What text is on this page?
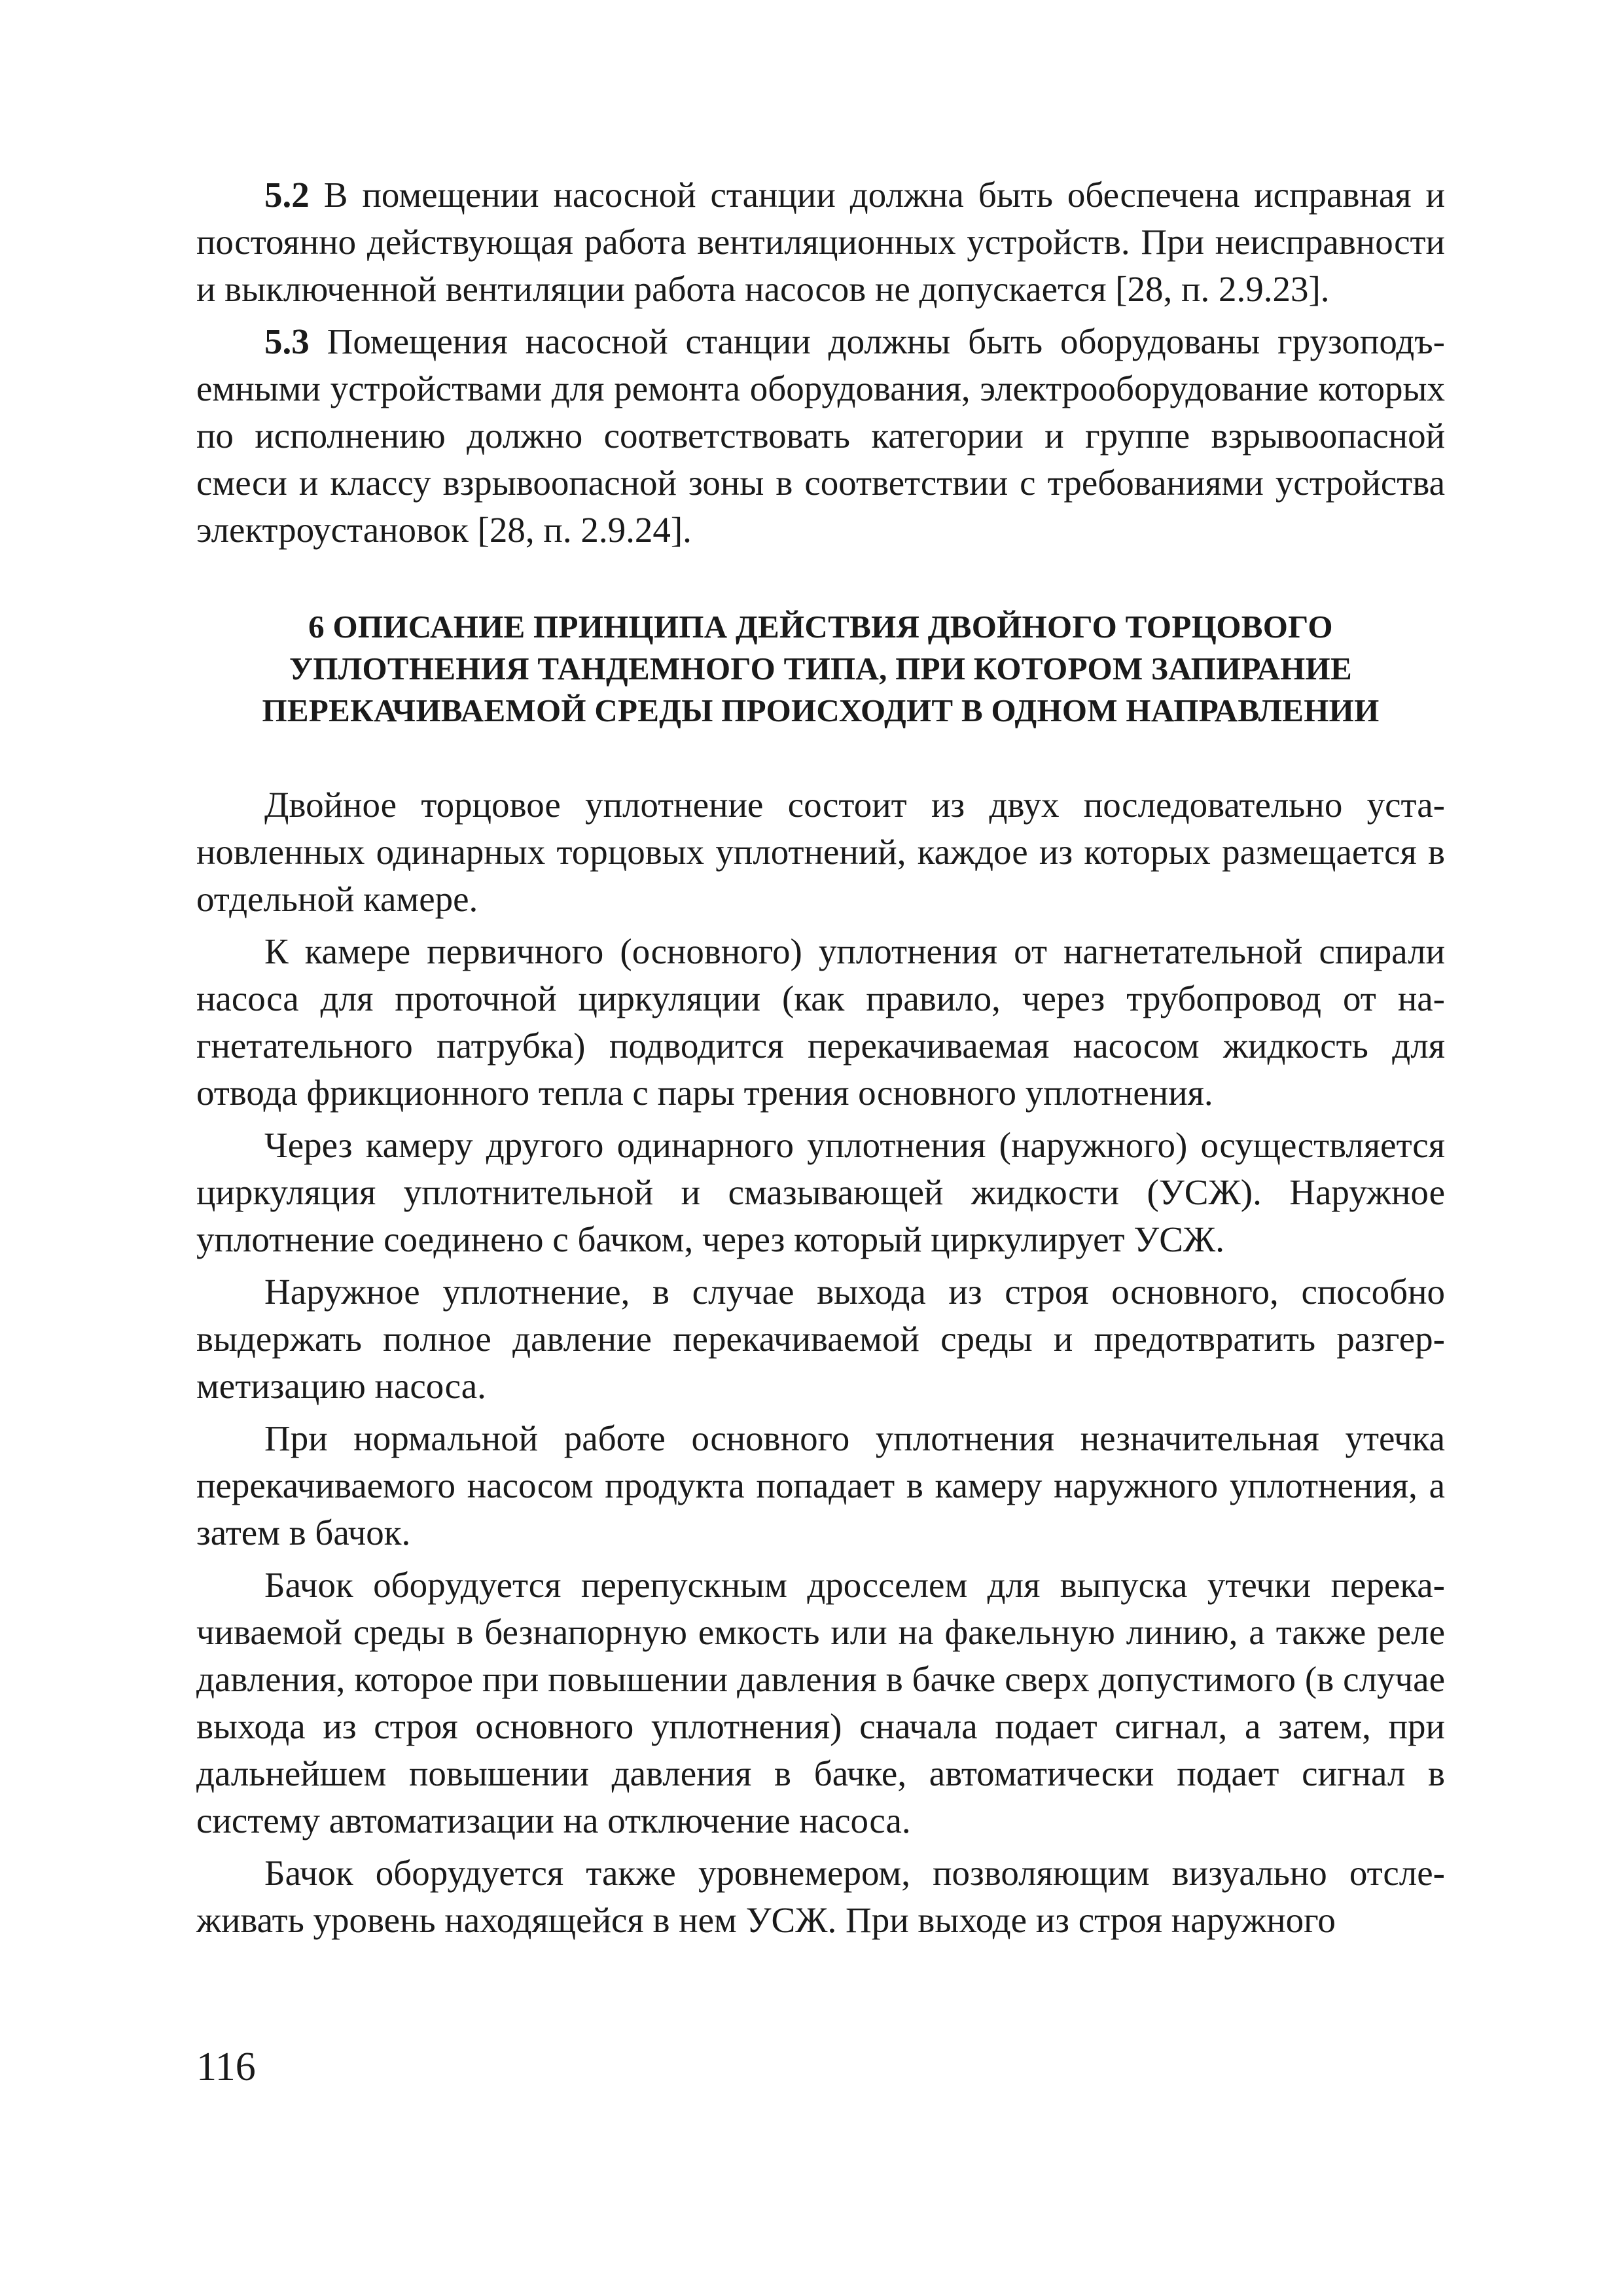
5.2 В помещении насосной станции должна быть обеспечена исправная и постоянно действующая работа вентиляционных устройств. При неисправности и выключенной вентиляции работа насосов не допускается [28, п. 2.9.23].

5.3 Помещения насосной станции должны быть оборудованы грузоподъемными устройствами для ремонта оборудования, электрооборудование которых по исполнению должно соответствовать категории и группе взрывоопасной смеси и классу взрывоопасной зоны в соответствии с требованиями устройства электроустановок [28, п. 2.9.24].

6 ОПИСАНИЕ ПРИНЦИПА ДЕЙСТВИЯ ДВОЙНОГО ТОРЦОВОГО
УПЛОТНЕНИЯ ТАНДЕМНОГО ТИПА, ПРИ КОТОРОМ ЗАПИРАНИЕ
ПЕРЕКАЧИВАЕМОЙ СРЕДЫ ПРОИСХОДИТ В ОДНОМ НАПРАВЛЕНИИ

Двойное торцовое уплотнение состоит из двух последовательно установленных одинарных торцовых уплотнений, каждое из которых размещается в отдельной камере.

К камере первичного (основного) уплотнения от нагнетательной спирали насоса для проточной циркуляции (как правило, через трубопровод от нагнетательного патрубка) подводится перекачиваемая насосом жидкость для отвода фрикционного тепла с пары трения основного уплотнения.

Через камеру другого одинарного уплотнения (наружного) осуществляется циркуляция уплотнительной и смазывающей жидкости (УСЖ). Наружное уплотнение соединено с бачком, через который циркулирует УСЖ.

Наружное уплотнение, в случае выхода из строя основного, способно выдержать полное давление перекачиваемой среды и предотвратить разгерметизацию насоса.

При нормальной работе основного уплотнения незначительная утечка перекачиваемого насосом продукта попадает в камеру наружного уплотнения, а затем в бачок.

Бачок оборудуется перепускным дросселем для выпуска утечки перекачиваемой среды в безнапорную емкость или на факельную линию, а также реле давления, которое при повышении давления в бачке сверх допустимого (в случае выхода из строя основного уплотнения) сначала подает сигнал, а затем, при дальнейшем повышении давления в бачке, автоматически подает сигнал в систему автоматизации на отключение насоса.

Бачок оборудуется также уровнемером, позволяющим визуально отслеживать уровень находящейся в нем УСЖ. При выходе из строя наружного

116
